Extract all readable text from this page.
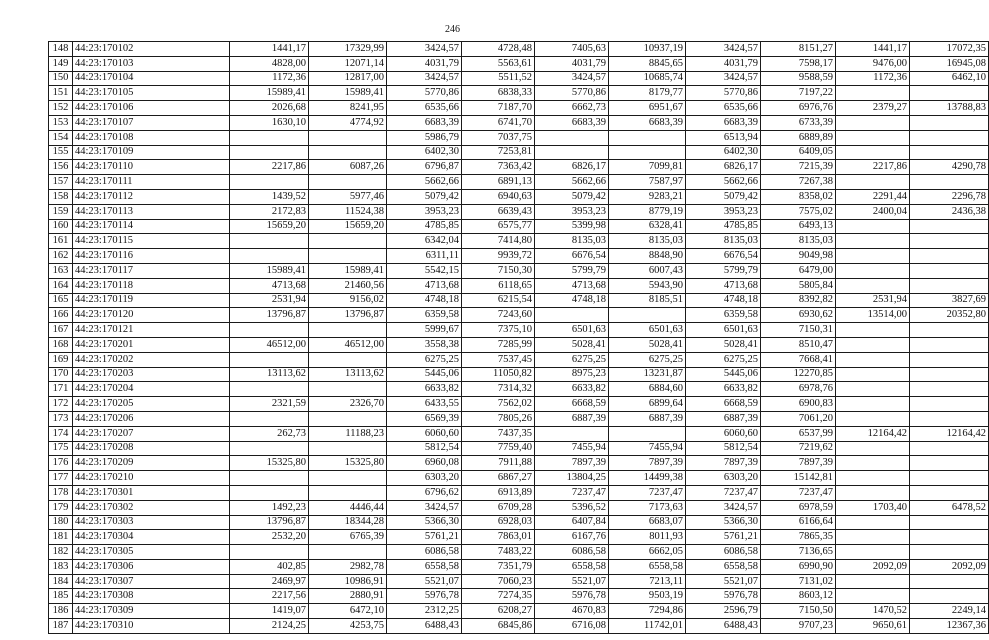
246
148	44:23:170102	1441,17	17329,99	3424,57	4728,48	7405,63	10937,19	3424,57	8151,27	1441,17	17072,35
149	44:23:170103	4828,00	12071,14	4031,79	5563,61	4031,79	8845,65	4031,79	7598,17	9476,00	16945,08
150	44:23:170104	1172,36	12817,00	3424,57	5511,52	3424,57	10685,74	3424,57	9588,59	1172,36	6462,10
151	44:23:170105	15989,41	15989,41	5770,86	6838,33	5770,86	8179,77	5770,86	7197,22		
152	44:23:170106	2026,68	8241,95	6535,66	7187,70	6662,73	6951,67	6535,66	6976,76	2379,27	13788,83
153	44:23:170107	1630,10	4774,92	6683,39	6741,70	6683,39	6683,39	6683,39	6733,39		
154	44:23:170108			5986,79	7037,75			6513,94	6889,89		
155	44:23:170109			6402,30	7253,81			6402,30	6409,05		
156	44:23:170110	2217,86	6087,26	6796,87	7363,42	6826,17	7099,81	6826,17	7215,39	2217,86	4290,78
157	44:23:170111			5662,66	6891,13	5662,66	7587,97	5662,66	7267,38		
158	44:23:170112	1439,52	5977,46	5079,42	6940,63	5079,42	9283,21	5079,42	8358,02	2291,44	2296,78
159	44:23:170113	2172,83	11524,38	3953,23	6639,43	3953,23	8779,19	3953,23	7575,02	2400,04	2436,38
160	44:23:170114	15659,20	15659,20	4785,85	6575,77	5399,98	6328,41	4785,85	6493,13		
161	44:23:170115			6342,04	7414,80	8135,03	8135,03	8135,03	8135,03		
162	44:23:170116			6311,11	9939,72	6676,54	8848,90	6676,54	9049,98		
163	44:23:170117	15989,41	15989,41	5542,15	7150,30	5799,79	6007,43	5799,79	6479,00		
164	44:23:170118	4713,68	21460,56	4713,68	6118,65	4713,68	5943,90	4713,68	5805,84		
165	44:23:170119	2531,94	9156,02	4748,18	6215,54	4748,18	8185,51	4748,18	8392,82	2531,94	3827,69
166	44:23:170120	13796,87	13796,87	6359,58	7243,60			6359,58	6930,62	13514,00	20352,80
167	44:23:170121			5999,67	7375,10	6501,63	6501,63	6501,63	7150,31		
168	44:23:170201	46512,00	46512,00	3558,38	7285,99	5028,41	5028,41	5028,41	8510,47		
169	44:23:170202			6275,25	7537,45	6275,25	6275,25	6275,25	7668,41		
170	44:23:170203	13113,62	13113,62	5445,06	11050,82	8975,23	13231,87	5445,06	12270,85		
171	44:23:170204			6633,82	7314,32	6633,82	6884,60	6633,82	6978,76		
172	44:23:170205	2321,59	2326,70	6433,55	7562,02	6668,59	6899,64	6668,59	6900,83		
173	44:23:170206			6569,39	7805,26	6887,39	6887,39	6887,39	7061,20		
174	44:23:170207	262,73	11188,23	6060,60	7437,35			6060,60	6537,99	12164,42	12164,42
175	44:23:170208			5812,54	7759,40	7455,94	7455,94	5812,54	7219,62		
176	44:23:170209	15325,80	15325,80	6960,08	7911,88	7897,39	7897,39	7897,39	7897,39		
177	44:23:170210			6303,20	6867,27	13804,25	14499,38	6303,20	15142,81		
178	44:23:170301			6796,62	6913,89	7237,47	7237,47	7237,47	7237,47		
179	44:23:170302	1492,23	4446,44	3424,57	6709,28	5396,52	7173,63	3424,57	6978,59	1703,40	6478,52
180	44:23:170303	13796,87	18344,28	5366,30	6928,03	6407,84	6683,07	5366,30	6166,64		
181	44:23:170304	2532,20	6765,39	5761,21	7863,01	6167,76	8011,93	5761,21	7865,35		
182	44:23:170305			6086,58	7483,22	6086,58	6662,05	6086,58	7136,65		
183	44:23:170306	402,85	2982,78	6558,58	7351,79	6558,58	6558,58	6558,58	6990,90	2092,09	2092,09
184	44:23:170307	2469,97	10986,91	5521,07	7060,23	5521,07	7213,11	5521,07	7131,02		
185	44:23:170308	2217,56	2880,91	5976,78	7274,35	5976,78	9503,19	5976,78	8603,12		
186	44:23:170309	1419,07	6472,10	2312,25	6208,27	4670,83	7294,86	2596,79	7150,50	1470,52	2249,14
187	44:23:170310	2124,25	4253,75	6488,43	6845,86	6716,08	11742,01	6488,43	9707,23	9650,61	12367,36
